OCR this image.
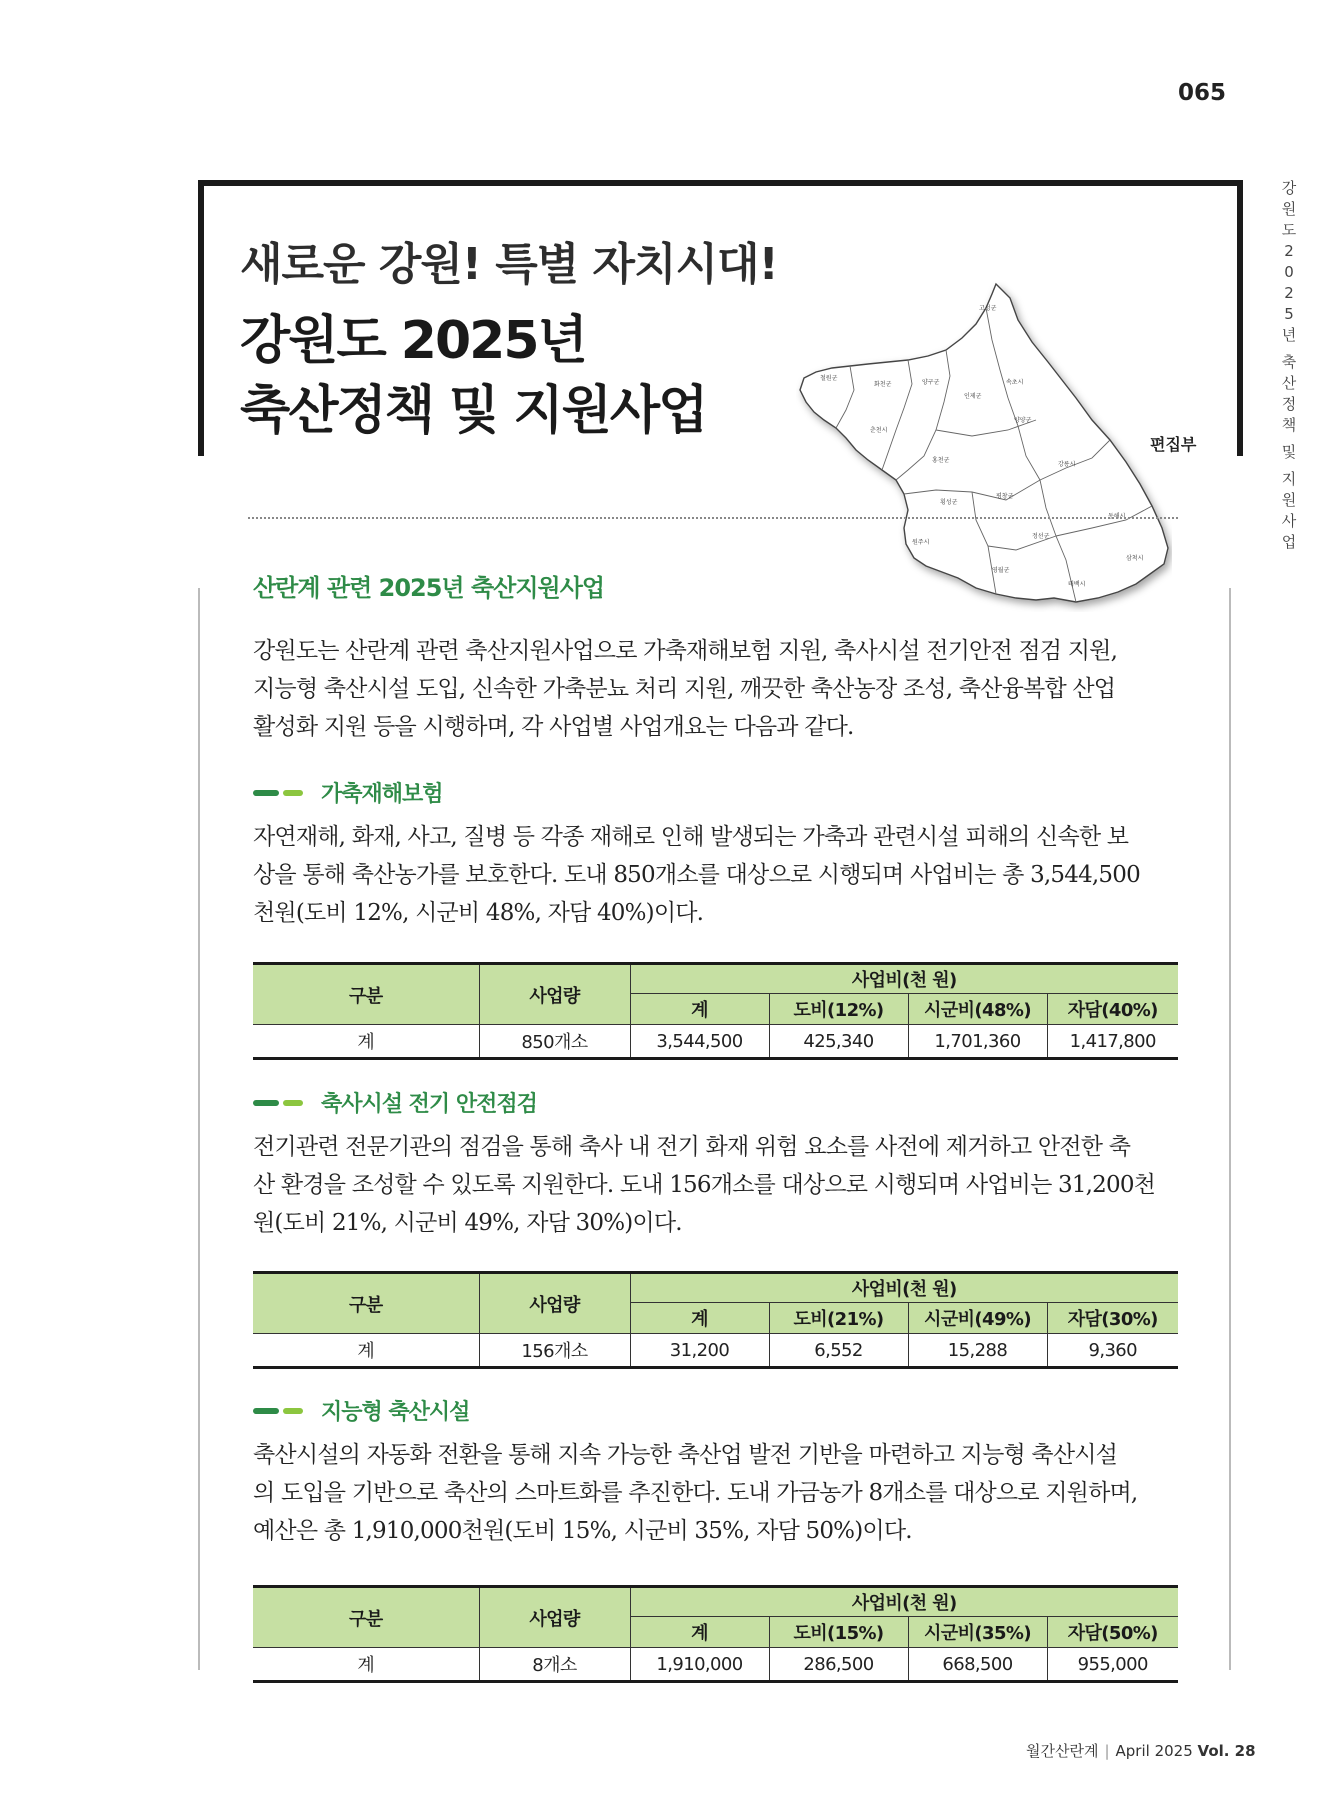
065
강
원
도
2
0
2
5
년
축
산
정
책
및
지
원
사
업
새로운 강원! 특별 자치시대!
강원도 2025년
축산정책 및 지원사업
편집부
고성군
철원군
화천군	양구군
인제군
속초시
양양군
춘천시
홍천군
강릉시
횡성군
평창군
동해시
원주시
정선군
삼척시
영월군
태백시
산란계 관련 2025년 축산지원사업
강원도는 산란계 관련 축산지원사업으로 가축재해보험 지원, 축사시설 전기안전 점검 지원,
지능형 축산시설 도입, 신속한 가축분뇨 처리 지원, 깨끗한 축산농장 조성, 축산융복합 산업
활성화 지원 등을 시행하며, 각 사업별 사업개요는 다음과 같다.
가축재해보험
자연재해, 화재, 사고, 질병 등 각종 재해로 인해 발생되는 가축과 관련시설 피해의 신속한 보
상을 통해 축산농가를 보호한다. 도내 850개소를 대상으로 시행되며 사업비는 총 3,544,500
천원(도비 12%, 시군비 48%, 자담 40%)이다.
구분	사업량	사업비(천 원)			
		계	도비(12%)	시군비(48%)	자담(40%)
계	850개소	3,544,500	425,340	1,701,360	1,417,800
축사시설 전기 안전점검
전기관련 전문기관의 점검을 통해 축사 내 전기 화재 위험 요소를 사전에 제거하고 안전한 축
산 환경을 조성할 수 있도록 지원한다. 도내 156개소를 대상으로 시행되며 사업비는 31,200천
원(도비 21%, 시군비 49%, 자담 30%)이다.
구분	사업량	사업비(천 원)			
		계	도비(21%)	시군비(49%)	자담(30%)
계	156개소	31,200	6,552	15,288	9,360
지능형 축산시설
축산시설의 자동화 전환을 통해 지속 가능한 축산업 발전 기반을 마련하고 지능형 축산시설
의 도입을 기반으로 축산의 스마트화를 추진한다. 도내 가금농가 8개소를 대상으로 지원하며,
예산은 총 1,910,000천원(도비 15%, 시군비 35%, 자담 50%)이다.
구분	사업량	사업비(천 원)			
		계	도비(15%)	시군비(35%)	자담(50%)
계	8개소	1,910,000	286,500	668,500	955,000
월간산란계 | April 2025 Vol. 28
